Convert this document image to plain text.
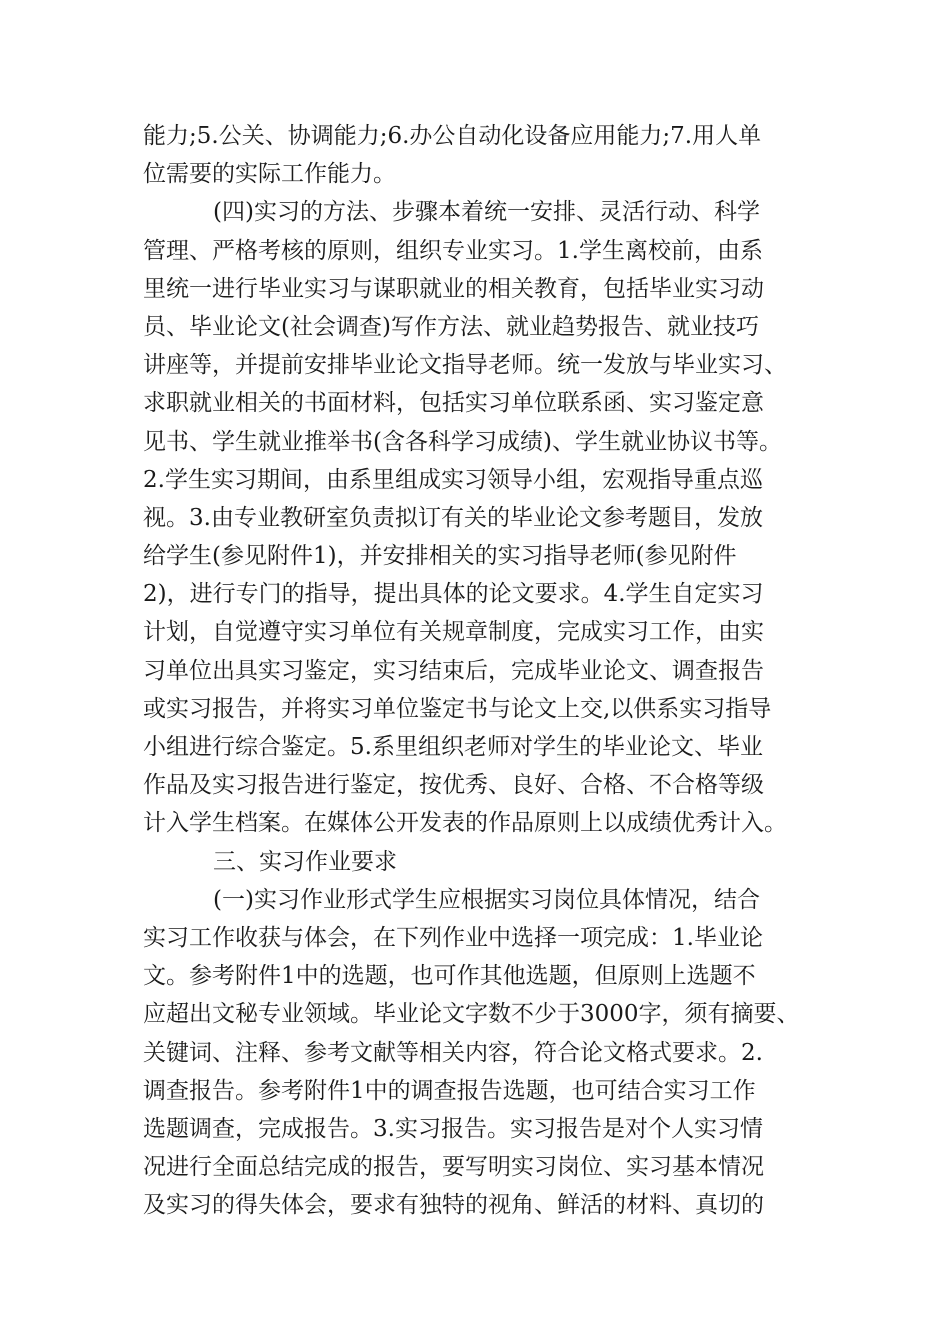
能力;5.公关、协调能力;6.办公自动化设备应用能力;7.用人单
位需要的实际工作能力。
(四)实习的方法、步骤本着统一安排、灵活行动、科学
管理、严格考核的原则，组织专业实习。1.学生离校前，由系
里统一进行毕业实习与谋职就业的相关教育，包括毕业实习动
员、毕业论文(社会调查)写作方法、就业趋势报告、就业技巧
讲座等，并提前安排毕业论文指导老师。统一发放与毕业实习、
求职就业相关的书面材料，包括实习单位联系函、实习鉴定意
见书、学生就业推举书(含各科学习成绩)、学生就业协议书等。
2.学生实习期间，由系里组成实习领导小组，宏观指导重点巡
视。3.由专业教研室负责拟订有关的毕业论文参考题目，发放
给学生(参见附件1)，并安排相关的实习指导老师(参见附件
2)，进行专门的指导，提出具体的论文要求。4.学生自定实习
计划，自觉遵守实习单位有关规章制度，完成实习工作，由实
习单位出具实习鉴定，实习结束后，完成毕业论文、调查报告
或实习报告，并将实习单位鉴定书与论文上交,以供系实习指导
小组进行综合鉴定。5.系里组织老师对学生的毕业论文、毕业
作品及实习报告进行鉴定，按优秀、良好、合格、不合格等级
计入学生档案。在媒体公开发表的作品原则上以成绩优秀计入。
三、实习作业要求
(一)实习作业形式学生应根据实习岗位具体情况，结合
实习工作收获与体会，在下列作业中选择一项完成：1.毕业论
文。参考附件1中的选题，也可作其他选题，但原则上选题不
应超出文秘专业领域。毕业论文字数不少于3000字，须有摘要、
关键词、注释、参考文献等相关内容，符合论文格式要求。2.
调查报告。参考附件1中的调查报告选题，也可结合实习工作
选题调查，完成报告。3.实习报告。实习报告是对个人实习情
况进行全面总结完成的报告，要写明实习岗位、实习基本情况
及实习的得失体会，要求有独特的视角、鲜活的材料、真切的
